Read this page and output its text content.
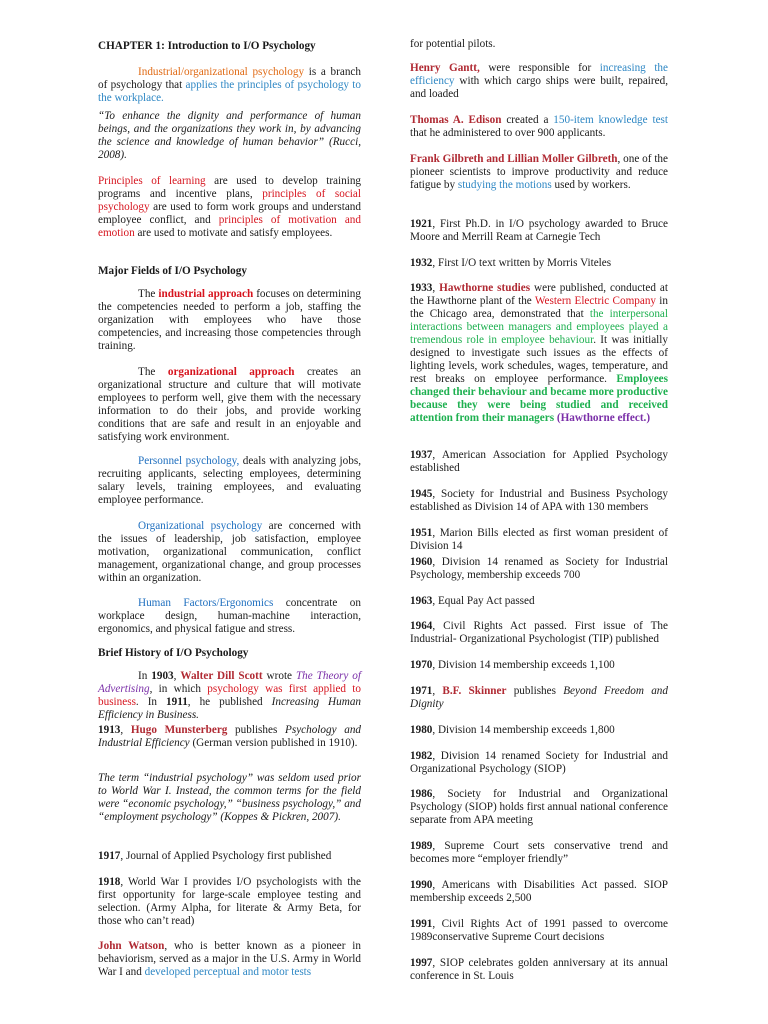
CHAPTER 1: Introduction to I/O Psychology
Industrial/organizational psychology is a branch of psychology that applies the principles of psychology to the workplace.
“To enhance the dignity and performance of human beings, and the organizations they work in, by advancing the science and knowledge of human behavior” (Rucci, 2008).
Principles of learning are used to develop training programs and incentive plans, principles of social psychology are used to form work groups and understand employee conflict, and principles of motivation and emotion are used to motivate and satisfy employees.
Major Fields of I/O Psychology
The industrial approach focuses on determining the competencies needed to perform a job, staffing the organization with employees who have those competencies, and increasing those competencies through training.
The organizational approach creates an organizational structure and culture that will motivate employees to perform well, give them with the necessary information to do their jobs, and provide working conditions that are safe and result in an enjoyable and satisfying work environment.
Personnel psychology, deals with analyzing jobs, recruiting applicants, selecting employees, determining salary levels, training employees, and evaluating employee performance.
Organizational psychology are concerned with the issues of leadership, job satisfaction, employee motivation, organizational communication, conflict management, organizational change, and group processes within an organization.
Human Factors/Ergonomics concentrate on workplace design, human-machine interaction, ergonomics, and physical fatigue and stress.
Brief History of I/O Psychology
In 1903, Walter Dill Scott wrote The Theory of Advertising, in which psychology was first applied to business. In 1911, he published Increasing Human Efficiency in Business.
1913, Hugo Munsterberg publishes Psychology and Industrial Efficiency (German version published in 1910).
The term “industrial psychology” was seldom used prior to World War I. Instead, the common terms for the field were “economic psychology,” “business psychology,” and “employment psychology” (Koppes & Pickren, 2007).
1917, Journal of Applied Psychology first published
1918, World War I provides I/O psychologists with the first opportunity for large-scale employee testing and selection. (Army Alpha, for literate & Army Beta, for those who can’t read)
John Watson, who is better known as a pioneer in behaviorism, served as a major in the U.S. Army in World War I and developed perceptual and motor tests
for potential pilots.
Henry Gantt, were responsible for increasing the efficiency with which cargo ships were built, repaired, and loaded
Thomas A. Edison created a 150-item knowledge test that he administered to over 900 applicants.
Frank Gilbreth and Lillian Moller Gilbreth, one of the pioneer scientists to improve productivity and reduce fatigue by studying the motions used by workers.
1921, First Ph.D. in I/O psychology awarded to Bruce Moore and Merrill Ream at Carnegie Tech
1932, First I/O text written by Morris Viteles
1933, Hawthorne studies were published, conducted at the Hawthorne plant of the Western Electric Company in the Chicago area, demonstrated that the interpersonal interactions between managers and employees played a tremendous role in employee behaviour. It was initially designed to investigate such issues as the effects of lighting levels, work schedules, wages, temperature, and rest breaks on employee performance. Employees changed their behaviour and became more productive because they were being studied and received attention from their managers (Hawthorne effect.)
1937, American Association for Applied Psychology established
1945, Society for Industrial and Business Psychology established as Division 14 of APA with 130 members
1951, Marion Bills elected as first woman president of Division 14
1960, Division 14 renamed as Society for Industrial Psychology, membership exceeds 700
1963, Equal Pay Act passed
1964, Civil Rights Act passed. First issue of The Industrial- Organizational Psychologist (TIP) published
1970, Division 14 membership exceeds 1,100
1971, B.F. Skinner publishes Beyond Freedom and Dignity
1980, Division 14 membership exceeds 1,800
1982, Division 14 renamed Society for Industrial and Organizational Psychology (SIOP)
1986, Society for Industrial and Organizational Psychology (SIOP) holds first annual national conference separate from APA meeting
1989, Supreme Court sets conservative trend and becomes more “employer friendly”
1990, Americans with Disabilities Act passed. SIOP membership exceeds 2,500
1991, Civil Rights Act of 1991 passed to overcome 1989conservative Supreme Court decisions
1997, SIOP celebrates golden anniversary at its annual conference in St. Louis
